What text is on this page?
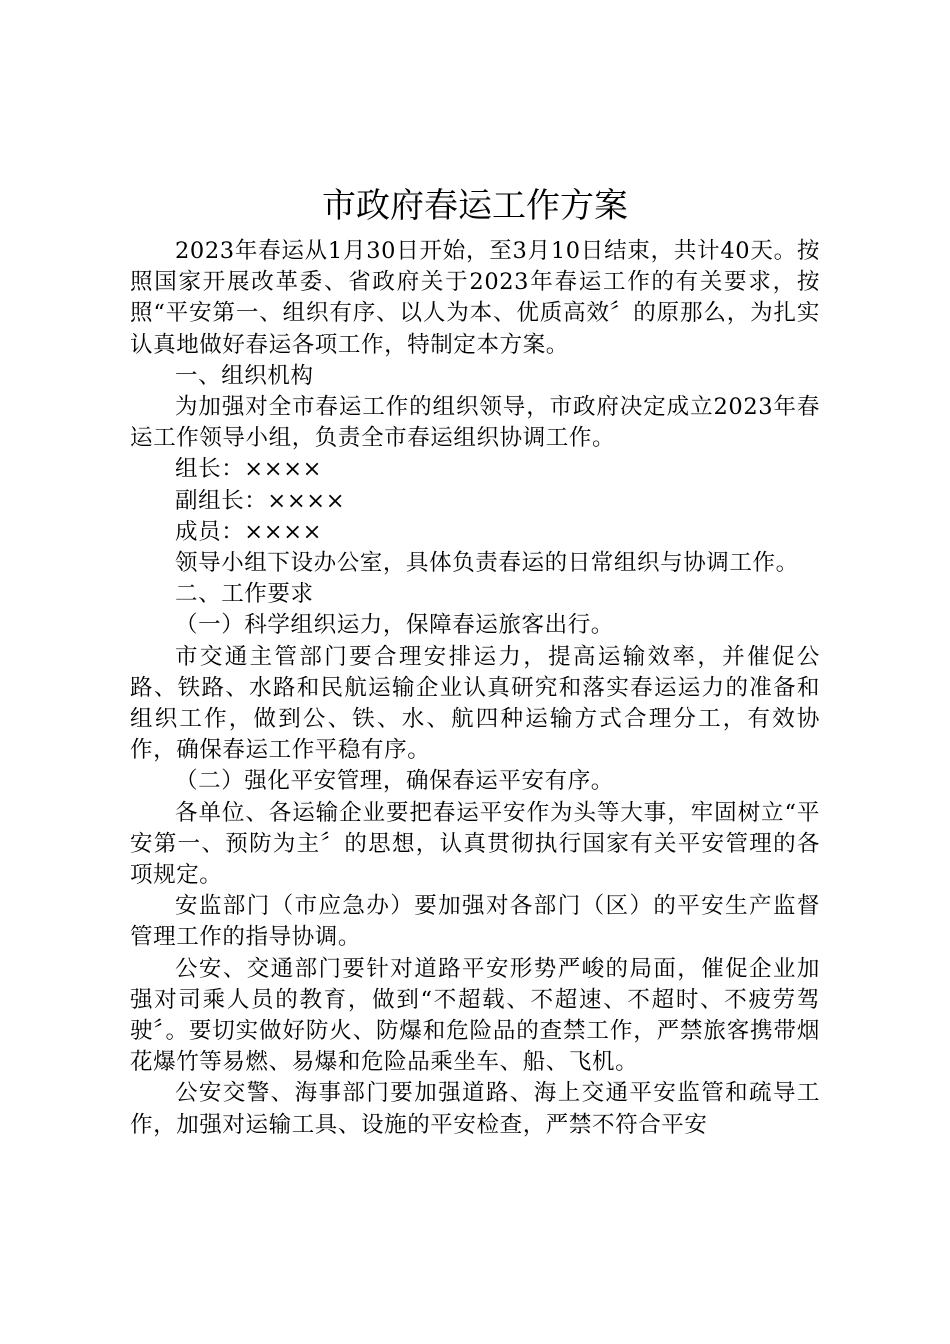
市政府春运工作方案

2023年春运从1月30日开始，至3月10日结束，共计40天。按照国家开展改革委、省政府关于2023年春运工作的有关要求，按照“平安第一、组织有序、以人为本、优质高效〞的原那么，为扎实认真地做好春运各项工作，特制定本方案。

一、组织机构

为加强对全市春运工作的组织领导，市政府决定成立2023年春运工作领导小组，负责全市春运组织协调工作。

组长：××××

副组长：××××

成员：××××

领导小组下设办公室，具体负责春运的日常组织与协调工作。

二、工作要求

（一）科学组织运力，保障春运旅客出行。

市交通主管部门要合理安排运力，提高运输效率，并催促公路、铁路、水路和民航运输企业认真研究和落实春运运力的准备和组织工作，做到公、铁、水、航四种运输方式合理分工，有效协作，确保春运工作平稳有序。

（二）强化平安管理，确保春运平安有序。

各单位、各运输企业要把春运平安作为头等大事，牢固树立“平安第一、预防为主〞的思想，认真贯彻执行国家有关平安管理的各项规定。

安监部门（市应急办）要加强对各部门（区）的平安生产监督管理工作的指导协调。

公安、交通部门要针对道路平安形势严峻的局面，催促企业加强对司乘人员的教育，做到“不超载、不超速、不超时、不疲劳驾驶〞。要切实做好防火、防爆和危险品的查禁工作，严禁旅客携带烟花爆竹等易燃、易爆和危险品乘坐车、船、飞机。

公安交警、海事部门要加强道路、海上交通平安监管和疏导工作，加强对运输工具、设施的平安检查，严禁不符合平安
